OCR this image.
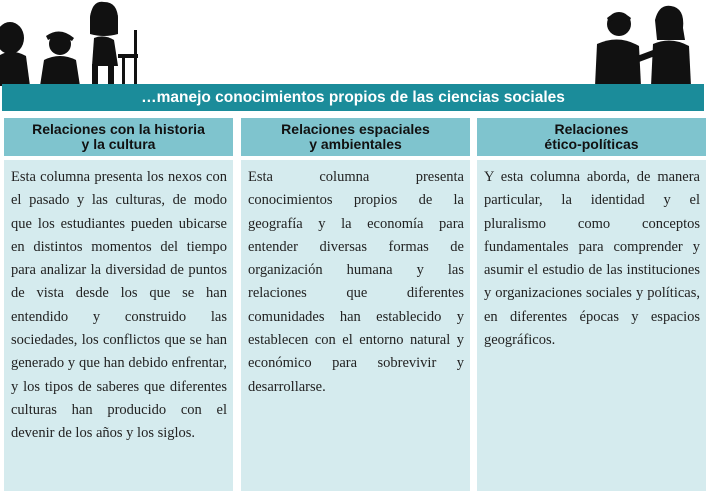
…manejo conocimientos propios de las ciencias sociales
Relaciones con la historia
y la cultura
Esta columna presenta los nexos con el pasado y las culturas, de modo que los estudiantes pueden ubicarse en distintos momentos del tiempo para analizar la diversidad de puntos de vista desde los que se han entendido y construido las sociedades, los conflictos que se han generado y que han debido enfrentar, y los tipos de saberes que diferentes culturas han producido con el devenir de los años y los siglos.
Relaciones espaciales
y ambientales
Esta columna presenta conocimientos propios de la geografía y la economía para entender diversas formas de organización humana y las relaciones que diferentes comunidades han establecido y establecen con el entorno natural y económico para sobrevivir y desarrollarse.
Relaciones
ético-políticas
Y esta columna aborda, de manera particular, la identidad y el pluralismo como conceptos fundamentales para comprender y asumir el estudio de las instituciones y organizaciones sociales y políticas, en diferentes épocas y espacios geográficos.
